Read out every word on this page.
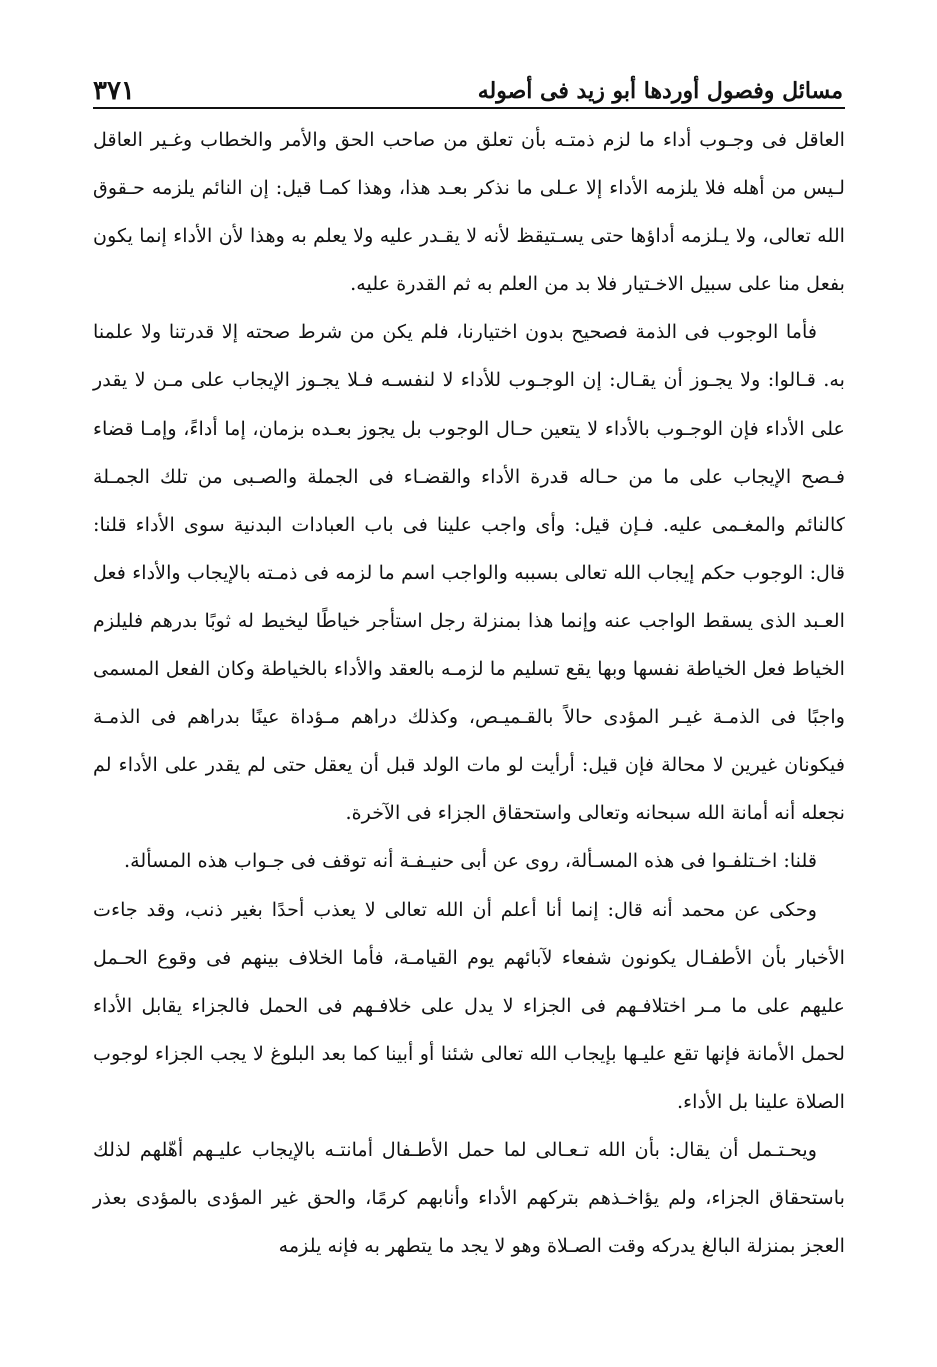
مسائل وفصول أوردها أبو زيد فى أصوله
٣٧١

العاقل فى وجـوب أداء ما لزم ذمتـه بأن تعلق من صاحب الحق والأمر والخطاب وغـير العاقل لـيس من أهله فلا يلزمه الأداء إلا عـلى ما نذكر بعـد هذا، وهذا كمـا قيل: إن النائم يلزمه حـقوق الله تعالى، ولا يـلزمه أداؤها حتى يسـتيقظ لأنه لا يقـدر عليه ولا يعلم به وهذا لأن الأداء إنما يكون بفعل منا على سبيل الاخـتيار فلا بد من العلم به ثم القدرة عليه.

فأما الوجوب فى الذمة فصحيح بدون اختيارنا، فلم يكن من شرط صحته إلا قدرتنا ولا علمنا به. قـالوا: ولا يجـوز أن يقـال: إن الوجـوب للأداء لا لنفسـه فـلا يجـوز الإيجاب على مـن لا يقدر على الأداء فإن الوجـوب بالأداء لا يتعين حـال الوجوب بل يجوز بعـده بزمان، إما أداءً، وإمـا قضاء فـصح الإيجاب على ما من حـاله قدرة الأداء والقضـاء فى الجملة والصـبى من تلك الجمـلة كالنائم والمغـمى عليه. فـإن قيل: وأى واجب علينا فى باب العبادات البدنية سوى الأداء قلنا: قال: الوجوب حكم إيجاب الله تعالى بسببه والواجب اسم ما لزمه فى ذمـته بالإيجاب والأداء فعل العـبد الذى يسقط الواجب عنه وإنما هذا بمنزلة رجل استأجر خياطًا ليخيط له ثوبًا بدرهم فليلزم الخياط فعل الخياطة نفسها وبها يقع تسليم ما لزمـه بالعقد والأداء بالخياطة وكان الفعل المسمى واجبًا فى الذمـة غيـر المؤدى حالاً بالقـميـص، وكذلك دراهم مـؤداة عينًا بدراهم فى الذمـة فيكونان غيرين لا محالة فإن قيل: أرأيت لو مات الولد قبل أن يعقل حتى لم يقدر على الأداء لم نجعله أنه أمانة الله سبحانه وتعالى واستحقاق الجزاء فى الآخرة.

قلنا: اخـتلفـوا فى هذه المسـألة، روى عن أبى حنيـفـة أنه توقف فى جـواب هذه المسألة.

وحكى عن محمد أنه قال: إنما أنا أعلم أن الله تعالى لا يعذب أحدًا بغير ذنب، وقد جاءت الأخبار بأن الأطفـال يكونون شفعاء لآبائهم يوم القيامـة، فأما الخلاف بينهم فى وقوع الحـمل عليهم على ما مـر اختلافـهم فى الجزاء لا يدل على خلافـهم فى الحمل فالجزاء يقابل الأداء لحمل الأمانة فإنها تقع عليـها بإيجاب الله تعالى شئنا أو أبينا كما بعد البلوغ لا يجب الجزاء لوجوب الصلاة علينا بل الأداء.

ويحـتـمل أن يقال: بأن الله تـعـالى لما حمل الأطـفال أمانتـه بالإيجاب عليـهم أهّلهم لذلك باستحقاق الجزاء، ولم يؤاخـذهم بتركهم الأداء وأنابهم كرمًا، والحق غير المؤدى بالمؤدى بعذر العجز بمنزلة البالغ يدركه وقت الصـلاة وهو لا يجد ما يتطهر به فإنه يلزمه
